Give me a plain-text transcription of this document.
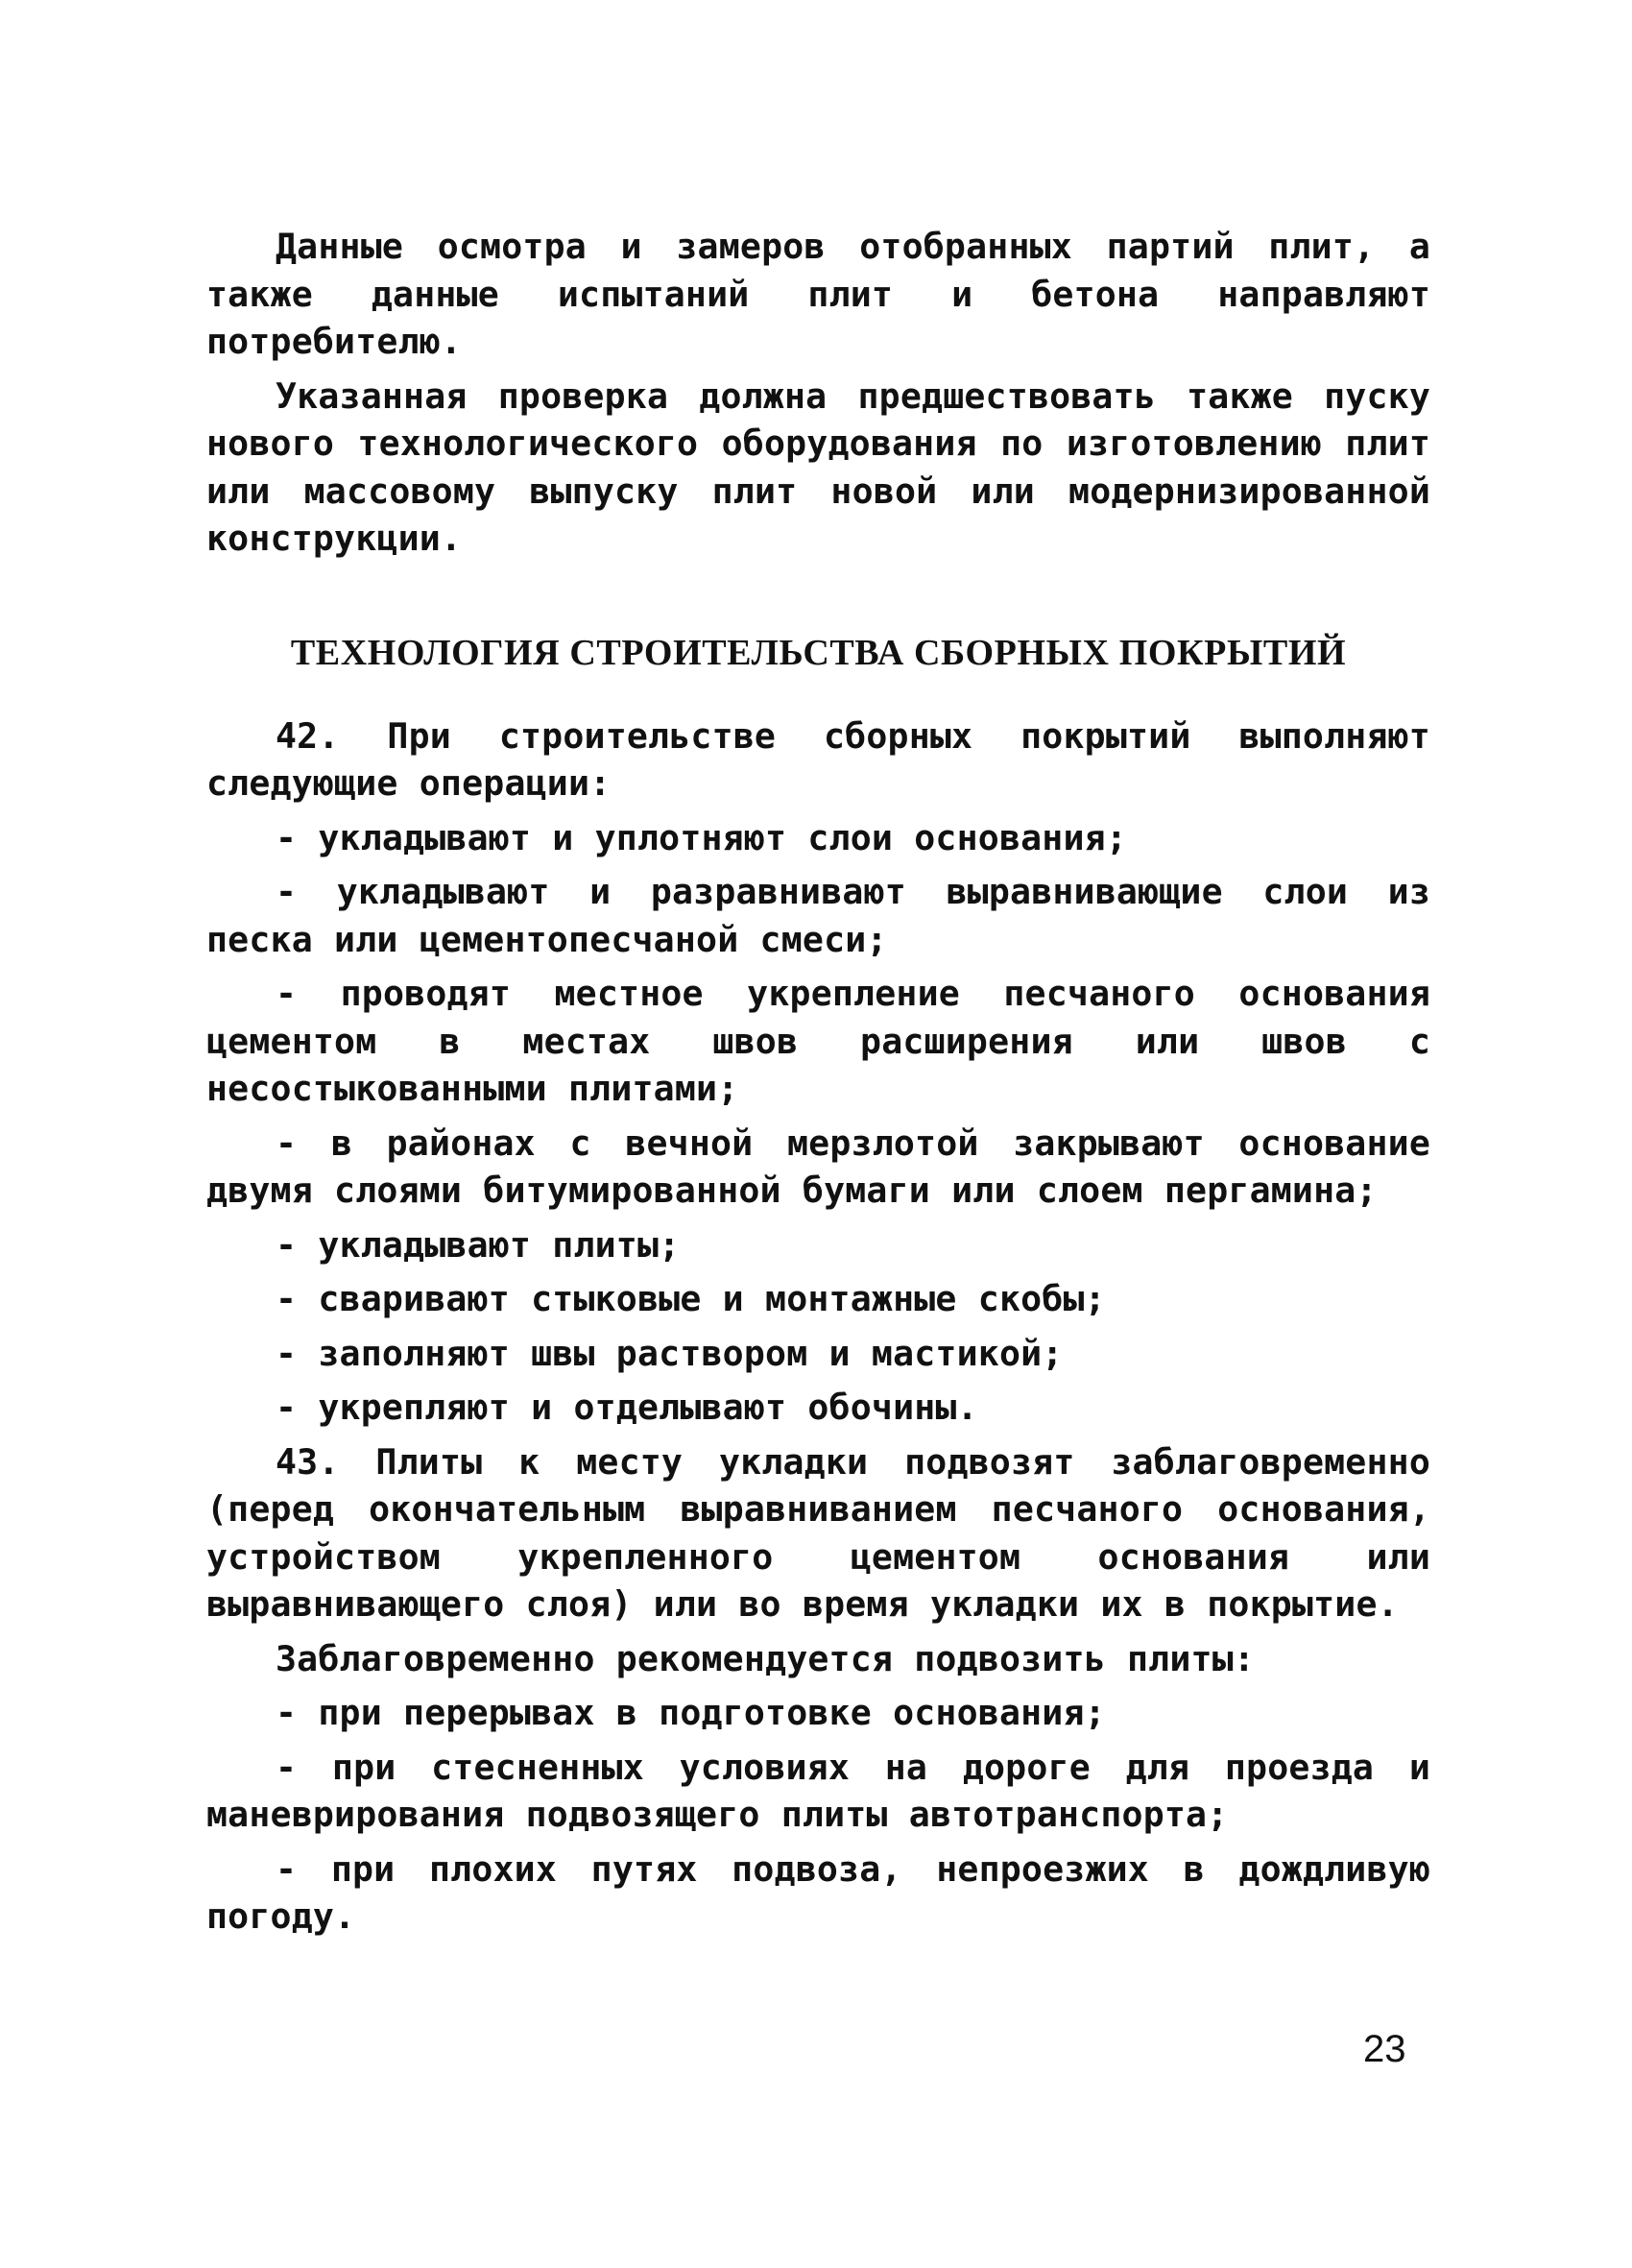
Данные осмотра и замеров отобранных партий плит, а также данные испытаний плит и бетона направляют потребителю.

Указанная проверка должна предшествовать также пуску нового технологического оборудования по изготовлению плит или массовому выпуску плит новой или модернизированной конструкции.

ТЕХНОЛОГИЯ СТРОИТЕЛЬСТВА СБОРНЫХ ПОКРЫТИЙ

42. При строительстве сборных покрытий выполняют следующие операции:

- укладывают и уплотняют слои основания;

- укладывают и разравнивают выравнивающие слои из песка или цементопесчаной смеси;

- проводят местное укрепление песчаного основания цементом в местах швов расширения или швов с несостыкованными плитами;

- в районах с вечной мерзлотой закрывают основание двумя слоями битумированной бумаги или слоем пергамина;

- укладывают плиты;

- сваривают стыковые и монтажные скобы;

- заполняют швы раствором и мастикой;

- укрепляют и отделывают обочины.

43. Плиты к месту укладки подвозят заблаговременно (перед окончательным выравниванием песчаного основания, устройством укрепленного цементом основания или выравнивающего слоя) или во время укладки их в покрытие.

Заблаговременно рекомендуется подвозить плиты:

- при перерывах в подготовке основания;

- при стесненных условиях на дороге для проезда и маневрирования подвозящего плиты автотранспорта;

- при плохих путях подвоза, непроезжих в дождливую погоду.

23
